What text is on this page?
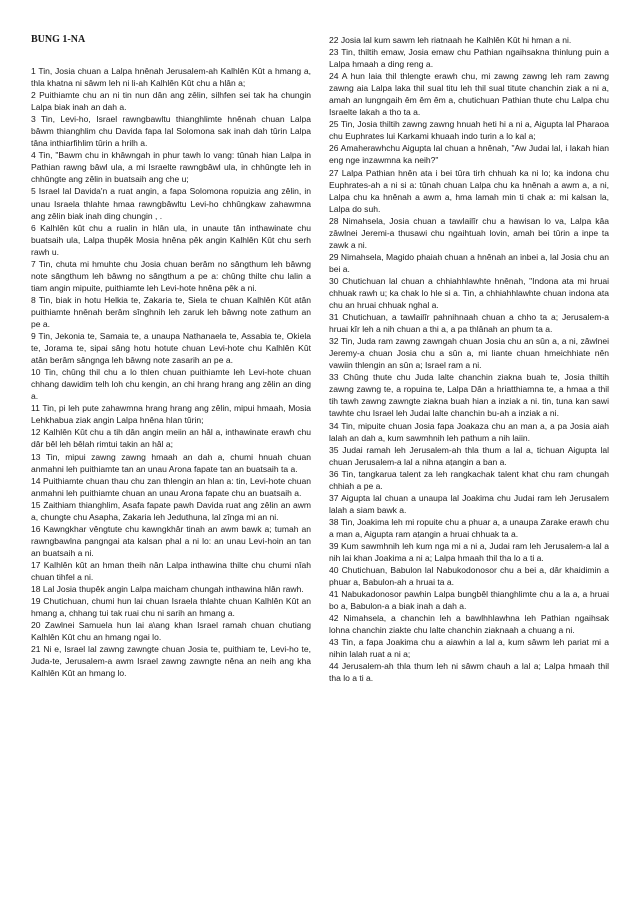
BUNG 1-NA

1 Tin, Josia chuan a Lalpa hnênah Jerusalem-ah Kalhlên Kût a hmang a, thla khatna ni sâwm leh ni li-ah Kalhlên Kût chu a hlân a;

2 Puithiamte chu an ni tin nun dân ang zêlin, silhfen sei tak ha chungin Lalpa biak inah an dah a.

3 Tin, Levi-ho, Israel rawngbawltu thianghlimte hnênah chuan Lalpa bâwm thianghlim chu Davida fapa lal Solomona sak inah dah tûrin Lalpa tâna inthiarfihlim tûrin a hrilh a.

4 Tin, "Bawm chu in khâwngah in phur tawh lo vang: tûnah hian Lalpa in Pathian rawng bâwl ula, a mi Israelte rawngbâwl ula, in chhûngte leh in chhûngte ang zêlin in buatsaih ang che u;

5 Israel lal Davida'n a ruat angin, a fapa Solomona ropuizia ang zêlin, in unau Israela thlahte hmaa rawngbâwltu Levi-ho chhûngkaw zahawmna ang zêlin biak inah ding chungin , .

6 Kalhlên kût chu a rualin in hlân ula, in unaute tân inthawinate chu buatsaih ula, Lalpa thupêk Mosia hnêna pêk angin Kalhlên Kût chu serh rawh u.

7 Tin, chuta mi hmuhte chu Josia chuan berâm no sângthum leh bâwng note sângthum leh bâwng no sângthum a pe a: chûng thilte chu lalin a tiam angin mipuite, puithiamte leh Levi-hote hnêna pêk a ni.

8 Tin, biak in hotu Helkia te, Zakaria te, Siela te chuan Kalhlên Kût atân puithiamte hnênah berâm sînghnih leh zaruk leh bâwng note zathum an pe a.

9 Tin, Jekonia te, Samaia te, a unaupa Nathanaela te, Assabia te, Okiela te, Jorama te, sipai sâng hotu hotute chuan Levi-hote chu Kalhlên Kût atân berâm sângnga leh bâwng note zasarih an pe a.

10 Tin, chûng thil chu a lo thlen chuan puithiamte leh Levi-hote chuan chhang dawidim telh loh chu kengin, an chi hrang hrang ang zêlin an ding a.

11 Tin, pi leh pute zahawmna hrang hrang ang zêlin, mipui hmaah, Mosia Lehkhabua ziak angin Lalpa hnêna hlan tûrin;

12 Kalhlên Kût chu a tih dân angin meiin an hâl a, inthawinate erawh chu dâr bêl leh bêlah rimtui takin an hâl a;

13 Tin, mipui zawng zawng hmaah an dah a, chumi hnuah chuan anmahni leh puithiamte tan an unau Arona fapate tan an buatsaih ta a.

14 Puithiamte chuan thau chu zan thlengin an hlan a: tin, Levi-hote chuan anmahni leh puithiamte chuan an unau Arona fapate chu an buatsaih a.

15 Zaithiam thianghlim, Asafa fapate pawh Davida ruat ang zêlin an awm a, chungte chu Asapha, Zakaria leh Jeduthuna, lal zînga mi an ni.

16 Kawngkhar vêngtute chu kawngkhâr tinah an awm bawk a; tumah an rawngbawlna pangngai ata kalsan phal a ni lo: an unau Levi-hoin an tan an buatsaih a ni.

17 Kalhlên kût an hman theih nân Lalpa inthawina thilte chu chumi nîah chuan tihfel a ni.

18 Lal Josia thupêk angin Lalpa maicham chungah inthawina hlân rawh.

19 Chutichuan, chumi hun lai chuan Israela thlahte chuan Kalhlên Kût an hmang a, chhang tui tak ruai chu ni sarih an hmang a.

20 Zawlnei Samuela hun lai a\ang khan Israel ramah chuan chutiang Kalhlên Kût chu an hmang ngai lo.

21 Ni e, Israel lal zawng zawngte chuan Josia te, puithiam te, Levi-ho te, Juda-te, Jerusalem-a awm Israel zawng zawngte nêna an neih ang kha Kalhlên Kût an hmang lo.

22 Josia lal kum sawm leh riatnaah he Kalhlên Kût hi hman a ni.

23 Tin, thiltih emaw, Josia emaw chu Pathian ngaihsakna thinlung puin a Lalpa hmaah a ding reng a.

24 A hun laia thil thlengte erawh chu, mi zawng zawng leh ram zawng zawng aia Lalpa laka thil sual titu leh thil sual titute chanchin ziak a ni a, amah an lungngaih êm êm êm a, chutichuan Pathian thute chu Lalpa chu Israelte lakah a tho ta a.

25 Tin, Josia thiltih zawng zawng hnuah heti hi a ni a, Aigupta lal Pharaoa chu Euphrates lui Karkami khuaah indo turin a lo kal a;

26 Amaherawhchu Aigupta lal chuan a hnênah, "Aw Judai lal, i lakah hian eng nge inzawmna ka neih?"

27 Lalpa Pathian hnên ata i bei tûra tirh chhuah ka ni lo; ka indona chu Euphrates-ah a ni si a: tûnah chuan Lalpa chu ka hnênah a awm a, a ni, Lalpa chu ka hnênah a awm a, hma lamah min ti chak a: mi kalsan la, Lalpa do suh.

28 Nimahsela, Josia chuan a tawlailîr chu a hawisan lo va, Lalpa kâa zâwlnei Jeremi-a thusawi chu ngaihtuah lovin, amah bei tûrin a inpe ta zawk a ni.

29 Nimahsela, Magido phaiah chuan a hnênah an inbei a, lal Josia chu an bei a.

30 Chutichuan lal chuan a chhiahhlawhte hnênah, "Indona ata mi hruai chhuak rawh u; ka chak lo hle si a. Tin, a chhiahhlawhte chuan indona ata chu an hruai chhuak nghal a.

31 Chutichuan, a tawlailîr pahnihnaah chuan a chho ta a; Jerusalem-a hruai kîr leh a nih chuan a thi a, a pa thlânah an phum ta a.

32 Tin, Juda ram zawng zawngah chuan Josia chu an sûn a, a ni, zâwlnei Jeremy-a chuan Josia chu a sûn a, mi liante chuan hmeichhiate nên vawiin thlengin an sûn a; Israel ram a ni.

33 Chûng thute chu Juda lalte chanchin ziakna buah te, Josia thiltih zawng zawng te, a ropuina te, Lalpa Dân a hriatthiamna te, a hmaa a thil tih tawh zawng zawngte ziakna buah hian a inziak a ni. tin, tuna kan sawi tawhte chu Israel leh Judai lalte chanchin bu-ah a inziak a ni.

34 Tin, mipuite chuan Josia fapa Joakaza chu an man a, a pa Josia aiah lalah an dah a, kum sawmhnih leh pathum a nih laiin.

35 Judai ramah leh Jerusalem-ah thla thum a lal a, tichuan Aigupta lal chuan Jerusalem-a lal a nihna aṭangin a ban a.

36 Tin, tangkarua talent za leh rangkachak talent khat chu ram chungah chhiah a pe a.

37 Aigupta lal chuan a unaupa lal Joakima chu Judai ram leh Jerusalem lalah a siam bawk a.

38 Tin, Joakima leh mi ropuite chu a phuar a, a unaupa Zarake erawh chu a man a, Aigupta ram aṭangin a hruai chhuak ta a.

39 Kum sawmhnih leh kum nga mi a ni a, Judai ram leh Jerusalem-a lal a nih lai khan Joakima a ni a; Lalpa hmaah thil tha lo a ti a.

40 Chutichuan, Babulon lal Nabukodonosor chu a bei a, dâr khaidimin a phuar a, Babulon-ah a hruai ta a.

41 Nabukadonosor pawhin Lalpa bungbêl thianghlimte chu a la a, a hruai bo a, Babulon-a a biak inah a dah a.

42 Nimahsela, a chanchin leh a bawlhhlawhna leh Pathian ngaihsak lohna chanchin ziakte chu lalte chanchin ziaknaah a chuang a ni.

43 Tin, a fapa Joakima chu a aiawhin a lal a, kum sâwm leh pariat mi a nihin lalah ruat a ni a;

44 Jerusalem-ah thla thum leh ni sâwm chauh a lal a; Lalpa hmaah thil tha lo a ti a.
